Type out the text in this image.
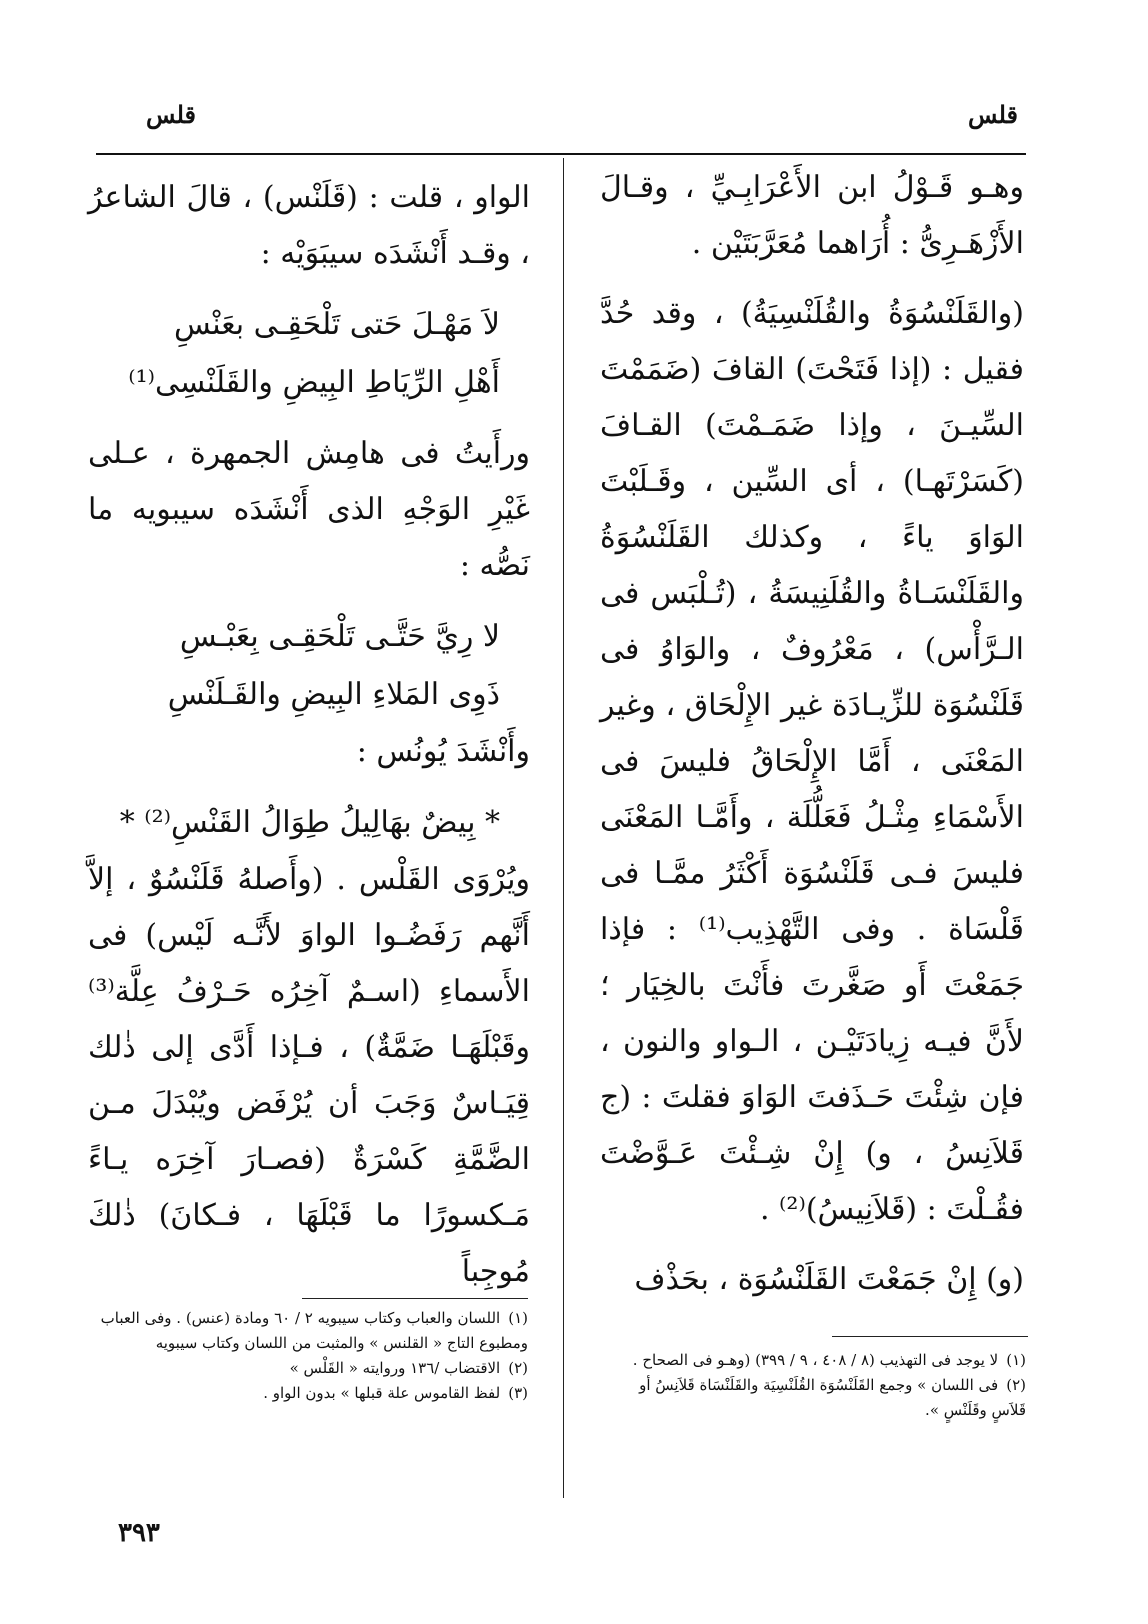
قلس	قلس

وهـو قَـوْلُ ابن الأَعْرَابِـيِّ ، وقـالَ الأَزْهَـرِىُّ : أُرَاهما مُعَرَّبَتَيْن .

(والقَلَنْسُوَةُ والقُلَنْسِيَةُ) ، وقد حُدَّ فقيل : (إذا فَتَحْتَ) القافَ (ضَمَمْتَ السِّيـنَ ، وإذا ضَمَـمْتَ) القـافَ (كَسَرْتَهـا) ، أى السِّين ، وقَـلَبْتَ الوَاوَ ياءً ، وكذلك القَلَنْسُوَةُ والقَلَنْسَـاةُ والقُلَنِيسَةُ ، (تُـلْبَس فى الـرَّأْس) ، مَعْرُوفٌ ، والوَاوُ فى قَلَنْسُوَة للزِّيـادَة غير الإِلْحَاق ، وغير المَعْنَى ، أَمَّا الإِلْحَاقُ فليسَ فى الأَسْمَاءِ مِثْـلُ فَعَلُّلَة ، وأَمَّـا المَعْنَى فليسَ فـى قَلَنْسُوَة أَكْثَرُ ممَّـا فى قَلْسَاة . وفى التَّهْذِيب⁽¹⁾ : فإذا جَمَعْتَ أَو صَغَّرتَ فأَنْتَ بالخِيَار ؛ لأَنَّ فيـه زِيادَتَيْـن ، الـواو والنون ، فإن شِئْتَ حَـذَفتَ الوَاوَ فقلتَ : (ج قَلاَنِسُ ، و) إِنْ شِـئْتَ عَـوَّضْتَ فقُـلْتَ : (قَلاَنِيسُ)⁽²⁾ .

(و) إِنْ جَمَعْتَ القَلَنْسُوَة ، بحَذْف

الواو ، قلت : (قَلَنْس) ، قالَ الشاعرُ ، وقـد أَنْشَدَه سيبَوَيْه :

لاَ مَهْـلَ حَتى تَلْحَقِـى بعَنْسِ

أَهْلِ الرِّيَاطِ البِيضِ والقَلَنْسِى⁽¹⁾

ورأَيتُ فى هامِش الجمهرة ، عـلى غَيْرِ الوَجْهِ الذى أَنْشَدَه سيبويه ما نَصُّه :

لا رِيَّ حَتَّـى تَلْحَقِـى بِعَبْـسِ

ذَوِى المَلاءِ البِيضِ والقَـلَنْسِ

وأَنْشَدَ يُونُس :

* بِيضٌ بهَالِيلُ طِوَالُ القَنْسِ⁽²⁾ *

ويُرْوَى القَلْس . (وأَصلهُ قَلَنْسُوٌ ، إلاَّ أَنَّهم رَفَضُـوا الواوَ لأَنَّـه لَيْس) فى الأَسماءِ (اسـمٌ آخِرُه حَـرْفُ عِلَّة⁽³⁾ وقَبْلَهَـا ضَمَّةٌ) ، فـإذا أَدَّى إلى ذٰلك قِيَـاسٌ وَجَبَ أن يُرْفَض ويُبْدَلَ مـن الضَّمَّةِ كَسْرَةٌ (فصـارَ آخِرَه يـاءً مَـكسورًا ما قَبْلَهَا ، فـكانَ) ذٰلكَ مُوجِباً

(١)اللسان والعباب وكتاب سيبويه ٢ / ٦٠ ومادة (عنس) . وفى العباب ومطبوع التاج « القلنس » والمثبت من اللسان وكتاب سيبويه

(٢)الاقتضاب /١٣٦ وروايته « القَلْس »

(٣)لفظ القاموس علة قبلها » بدون الواو .

(١)لا يوجد فى التهذيب (٨ / ٤٠٨ ، ٩ / ٣٩٩) (وهـو فى الصحاح .

(٢)فى اللسان » وجمع القَلَنْسُوَة القُلَنْسِيَة والقَلَنْسَاة قَلاَنِسُ أو قَلاَسٍ وقَلَنْسٍ ».

٣٩٣
